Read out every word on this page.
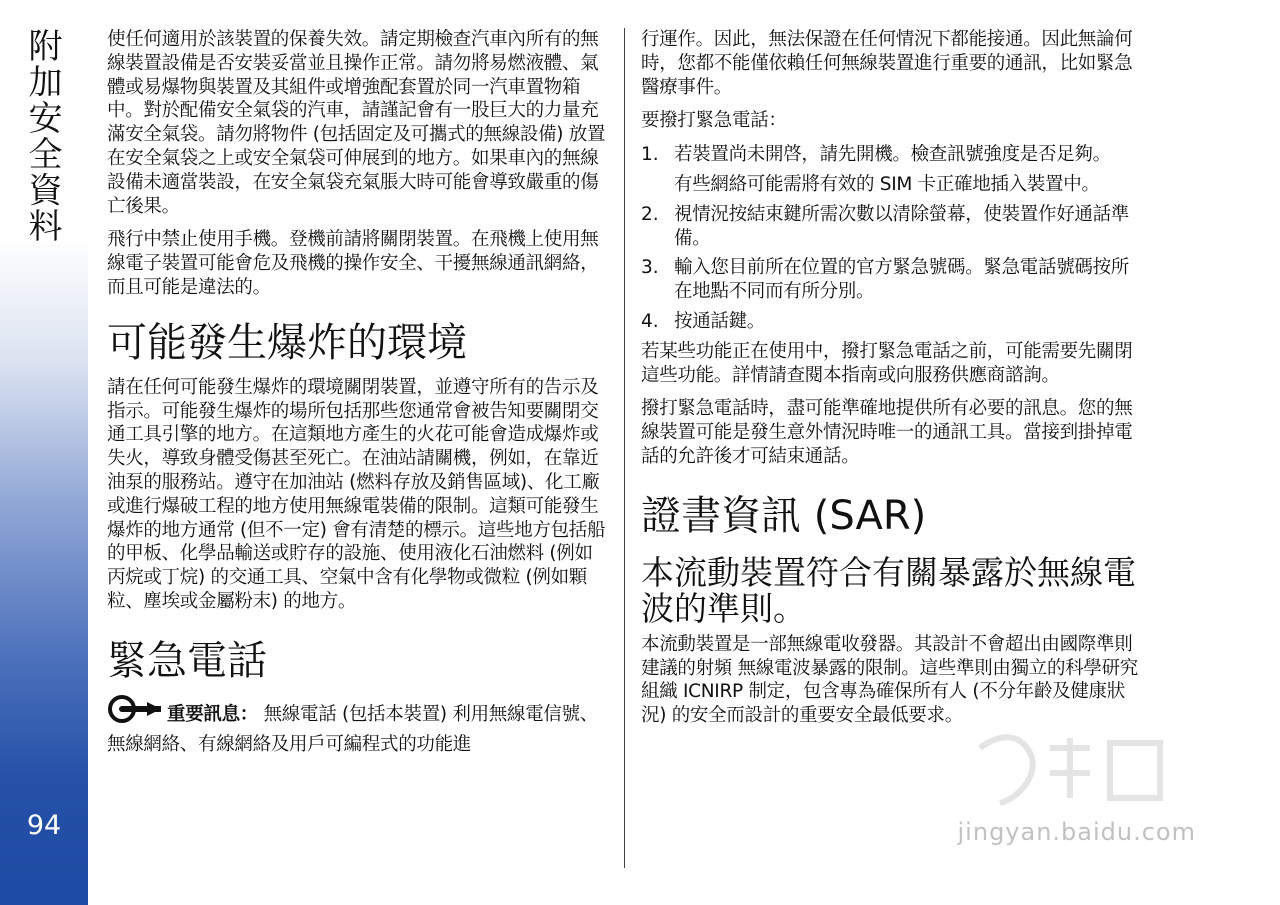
附加安全資料
94

使任何適用於該裝置的保養失效。請定期檢查汽車內所有的無線裝置設備是否安裝妥當並且操作正常。請勿將易燃液體、氣體或易爆物與裝置及其組件或增強配套置於同一汽車置物箱中。對於配備安全氣袋的汽車，請謹記會有一股巨大的力量充滿安全氣袋。請勿將物件 (包括固定及可攜式的無線設備) 放置在安全氣袋之上或安全氣袋可伸展到的地方。如果車內的無線設備未適當裝設，在安全氣袋充氣脹大時可能會導致嚴重的傷亡後果。

飛行中禁止使用手機。登機前請將關閉裝置。在飛機上使用無線電子裝置可能會危及飛機的操作安全、干擾無線通訊網絡，而且可能是違法的。

可能發生爆炸的環境

請在任何可能發生爆炸的環境關閉裝置，並遵守所有的告示及指示。可能發生爆炸的場所包括那些您通常會被告知要關閉交通工具引擎的地方。在這類地方產生的火花可能會造成爆炸或失火，導致身體受傷甚至死亡。在油站請關機，例如，在靠近油泵的服務站。遵守在加油站 (燃料存放及銷售區域)、化工廠或進行爆破工程的地方使用無線電裝備的限制。這類可能發生爆炸的地方通常 (但不一定) 會有清楚的標示。這些地方包括船的甲板、化學品輸送或貯存的設施、使用液化石油燃料 (例如丙烷或丁烷) 的交通工具、空氣中含有化學物或微粒 (例如顆粒、塵埃或金屬粉末) 的地方。

緊急電話

重要訊息： 無線電話 (包括本裝置) 利用無線電信號、無線網絡、有線網絡及用戶可編程式的功能進

行運作。因此，無法保證在任何情況下都能接通。因此無論何時，您都不能僅依賴任何無線裝置進行重要的通訊，比如緊急醫療事件。

要撥打緊急電話：

1. 若裝置尚未開啓，請先開機。檢查訊號強度是否足夠。

有些網絡可能需將有效的 SIM 卡正確地插入裝置中。

2. 視情況按結束鍵所需次數以清除螢幕，使裝置作好通話準備。

3. 輸入您目前所在位置的官方緊急號碼。緊急電話號碼按所在地點不同而有所分別。

4. 按通話鍵。

若某些功能正在使用中，撥打緊急電話之前，可能需要先關閉這些功能。詳情請查閱本指南或向服務供應商諮詢。

撥打緊急電話時，盡可能準確地提供所有必要的訊息。您的無線裝置可能是發生意外情況時唯一的通訊工具。當接到掛掉電話的允許後才可結束通話。

證書資訊 (SAR)
本流動裝置符合有關暴露於無線電波的準則。

本流動裝置是一部無線電收發器。其設計不會超出由國際準則建議的射頻 無線電波暴露的限制。這些準則由獨立的科學研究組織 ICNIRP 制定，包含專為確保所有人 (不分年齡及健康狀況) 的安全而設計的重要安全最低要求。

jingyan.baidu.com
